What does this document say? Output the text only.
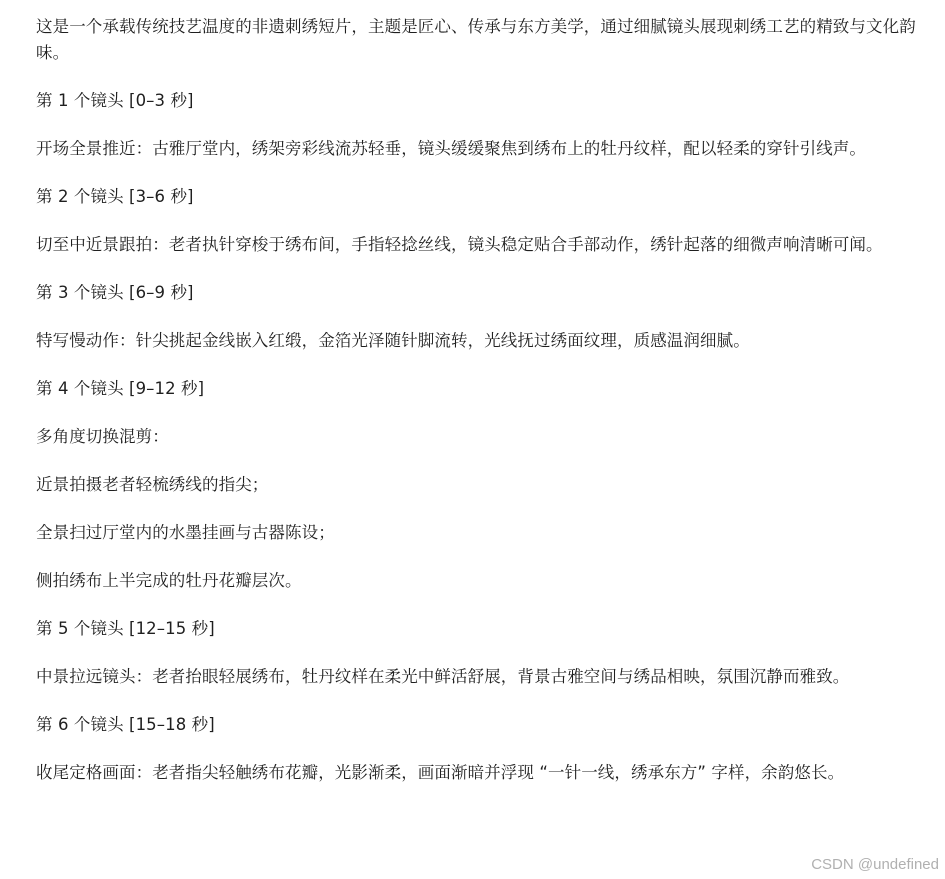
这是一个承载传统技艺温度的非遗刺绣短片，主题是匠心、传承与东方美学，通过细腻镜头展现刺绣工艺的精致与文化韵味。

第 1 个镜头 [0–3 秒]

开场全景推近：古雅厅堂内，绣架旁彩线流苏轻垂，镜头缓缓聚焦到绣布上的牡丹纹样，配以轻柔的穿针引线声。

第 2 个镜头 [3–6 秒]

切至中近景跟拍：老者执针穿梭于绣布间，手指轻捻丝线，镜头稳定贴合手部动作，绣针起落的细微声响清晰可闻。

第 3 个镜头 [6–9 秒]

特写慢动作：针尖挑起金线嵌入红缎，金箔光泽随针脚流转，光线抚过绣面纹理，质感温润细腻。

第 4 个镜头 [9–12 秒]

多角度切换混剪：

近景拍摄老者轻梳绣线的指尖；

全景扫过厅堂内的水墨挂画与古器陈设；

侧拍绣布上半完成的牡丹花瓣层次。

第 5 个镜头 [12–15 秒]

中景拉远镜头：老者抬眼轻展绣布，牡丹纹样在柔光中鲜活舒展，背景古雅空间与绣品相映，氛围沉静而雅致。

第 6 个镜头 [15–18 秒]

收尾定格画面：老者指尖轻触绣布花瓣，光影渐柔，画面渐暗并浮现 “一针一线，绣承东方” 字样，余韵悠长。

CSDN @undefined
